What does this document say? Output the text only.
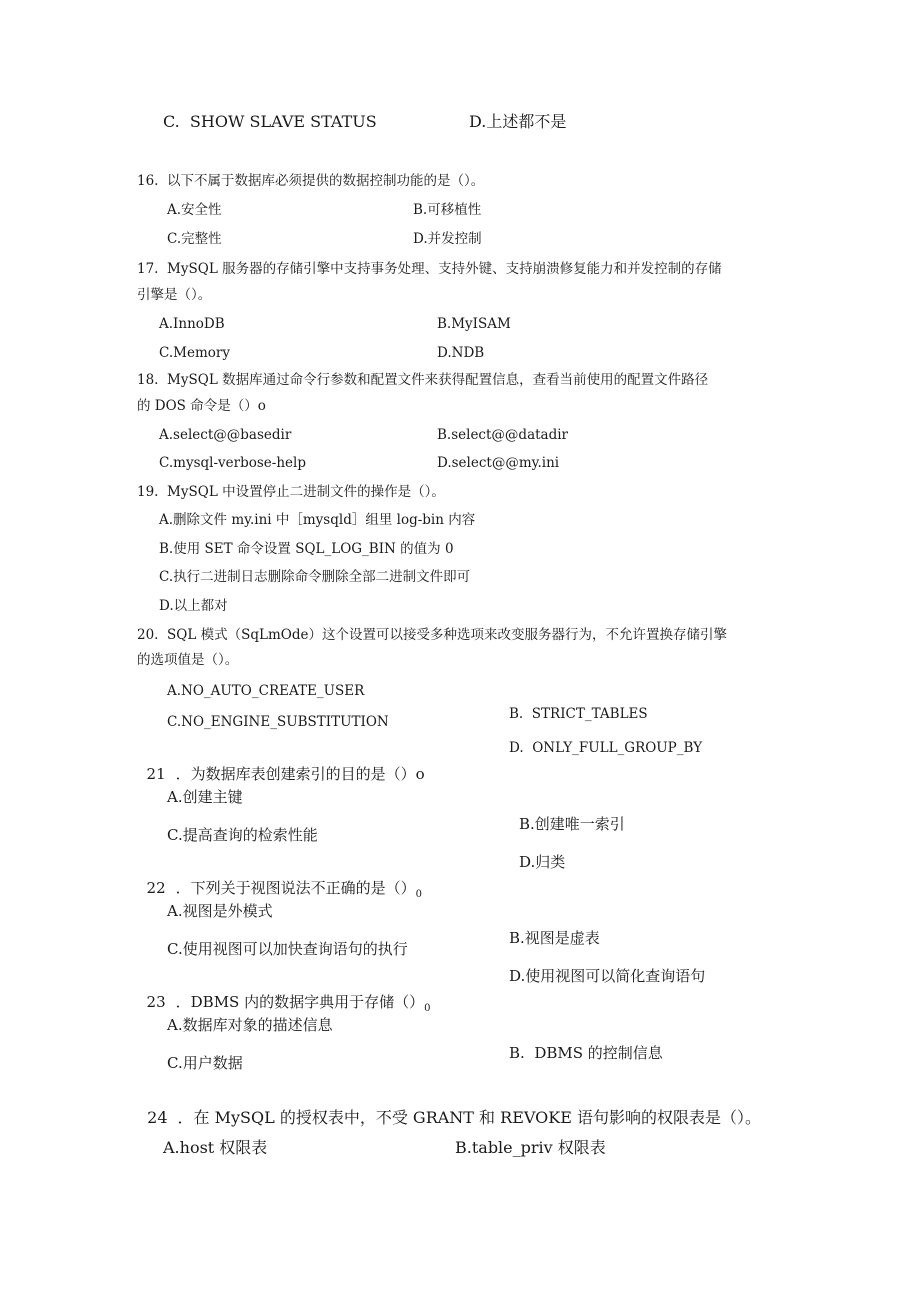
C.  SHOW SLAVE STATUS	D.上述都不是
16.  以下不属于数据库必须提供的数据控制功能的是（）。
A.安全性	B.可移植性
C.完整性	D.并发控制
17.  MySQL 服务器的存储引擎中支持事务处理、支持外键、支持崩溃修复能力和并发控制的存储
引擎是（）。
A.InnoDB	B.MyISAM
C.Memory	D.NDB
18.  MySQL 数据库通过命令行参数和配置文件来获得配置信息，查看当前使用的配置文件路径
的 DOS 命令是（）o
A.select@@basedir	B.select@@datadir
C.mysql-verbose-help	D.select@@my.ini
19.  MySQL 中设置停止二进制文件的操作是（）。
A.删除文件 my.ini 中［mysqld］组里 log-bin 内容
B.使用 SET 命令设置 SQL_LOG_BIN 的值为 0
C.执行二进制日志删除命令删除全部二进制文件即可
D.以上都对
20.  SQL 模式（SqLmOde）这个设置可以接受多种选项来改变服务器行为，不允许置换存储引擎
的选项值是（）。
A.NO_AUTO_CREATE_USER
C.NO_ENGINE_SUBSTITUTION	B.  STRICT_TABLES
D.  ONLY_FULL_GROUP_BY

21 ．为数据库表创建索引的目的是（）o

A.创建主键
C.提高查询的检索性能
B.创建唯一索引
D.归类

22 ．下列关于视图说法不正确的是$()_0$

A.视图是外模式
C.使用视图可以加快查询语句的执行
B.视图是虚表
D.使用视图可以简化查询语句

23 ．DBMS 内的数据字典用于存储$()_0$

A.数据库对象的描述信息
C.用户数据
B.  DBMS 的控制信息

24 ．在 MySQL 的授权表中，不受 GRANT 和 REVOKE 语句影响的权限表是（）。

A.host 权限表	B.table_priv 权限表
